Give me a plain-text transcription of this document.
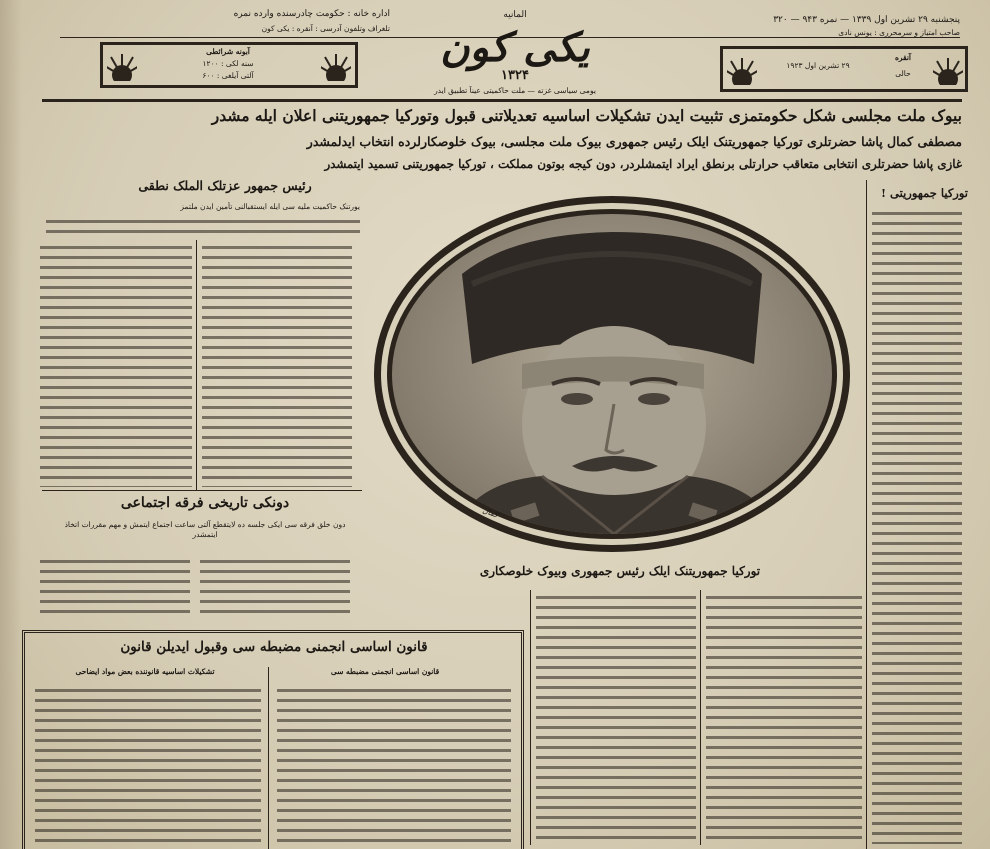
اداره خانه : حکومت چادرسنده وارده نمره
تلغراف وتلفون آدرسی : آنقره : یکی کون
پنجشنبه ۲۹ تشرین اول ۱۳۳۹ — نمره ۹۴۳ — ۳۲۰
صاحب امتیاز و سرمحرری : یونس نادی
آبونه شرائطی
سنه لکی : ۱۲۰۰
آلتی آیلغی : ۶۰۰
آنقره
حالی
۲۹ تشرین اول ۱۹۲۳
آلمانیه
یکی کون
۱۳۲۴
یومی سیاسی غزته — ملت حاکمیتی عیناً تطبیق ایدر
بیوک ملت مجلسی شکل حکومتمزی تثبیت ایدن تشکیلات اساسیه تعدیلاتنی قبول وتورکیا جمهوریتنی اعلان ایله مشدر
مصطفی کمال پاشا حضرتلری تورکیا جمهوریتنک ایلک رئیس جمهوری بیوک ملت مجلسی، بیوک خلوصکارلرده انتخاب ایدلمشدر
غازی پاشا حضرتلری انتخابی متعاقب حرارتلی برنطق ایراد ایتمشلردر، دون کیجه بوتون مملکت ، تورکیا جمهوریتنی تسمید ایتمشدر
رئیس جمهور عزتلک الملک نطقی	تورکیا جمهوریتی !
یورتنک حاکمیت ملیه سی ایله ایستقبالنی تأمین ایدن ملتمز
دونکی تاریخی فرقه اجتماعی
دون خلق فرقه سی ایکی جلسه ده لایتقطع آلتی ساعت اجتماع ایتمش و مهم مقررات اتخاذ ایتمشدر
کمال
تورکیا جمهوریتنک ایلک رئیس جمهوری وبیوک خلوصکاری
قانون اساسی انجمنی مضبطه سی وقبول ایدیلن قانون
قانون اساسی انجمنی مضبطه سی
تشکیلات اساسیه قانوننده بعض مواد ایضاحی
